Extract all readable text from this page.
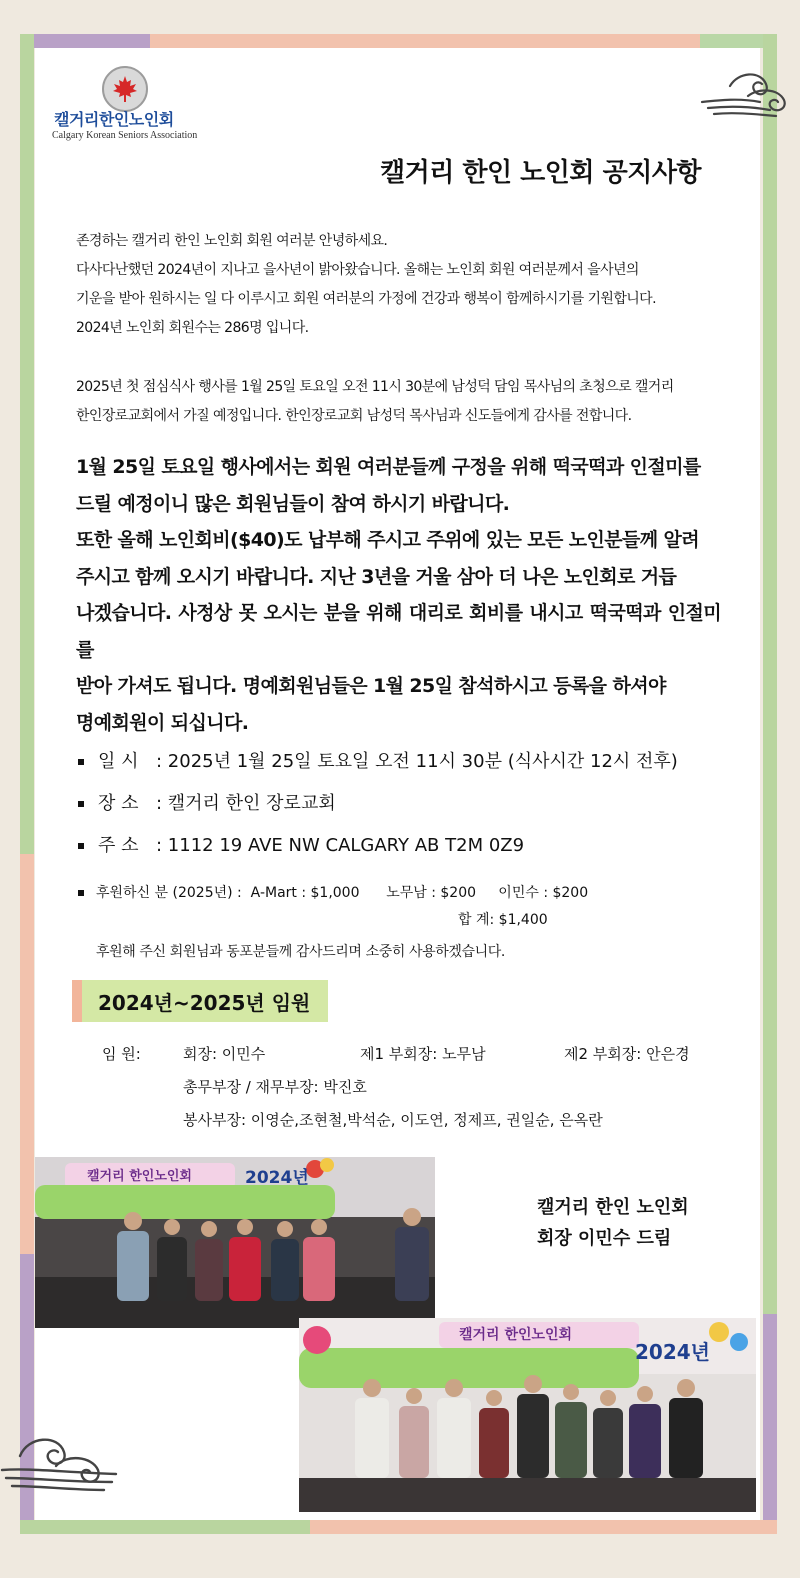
캘거리한인노인회
Calgary Korean Seniors Association
캘거리 한인 노인회 공지사항
존경하는 캘거리 한인 노인회 회원 여러분 안녕하세요.
다사다난했던 2024년이 지나고 을사년이 밝아왔습니다. 올해는 노인회 회원 여러분께서 을사년의
기운을 받아 원하시는 일 다 이루시고 회원 여러분의 가정에 건강과 행복이 함께하시기를 기원합니다.
2024년 노인회 회원수는 286명 입니다.
2025년 첫 점심식사 행사를 1월 25일 토요일 오전 11시 30분에 남성덕 담임 목사님의 초청으로 캘거리
한인장로교회에서 가질 예정입니다. 한인장로교회 남성덕 목사님과 신도들에게 감사를 전합니다.
1월 25일 토요일 행사에서는 회원 여러분들께 구정을 위해 떡국떡과 인절미를
드릴 예정이니 많은 회원님들이 참여 하시기 바랍니다.
또한 올해 노인회비($40)도 납부해 주시고 주위에 있는 모든 노인분들께 알려
주시고 함께 오시기 바랍니다. 지난 3년을 거울 삼아 더 나은 노인회로 거듭
나겠습니다. 사정상 못 오시는 분을 위해 대리로 회비를 내시고 떡국떡과 인절미를
받아 가셔도 됩니다. 명예회원님들은 1월 25일 참석하시고 등록을 하셔야
명예회원이 되십니다.
일 시 : 2025년 1월 25일 토요일 오전 11시 30분 (식사시간 12시 전후)
장 소 : 캘거리 한인 장로교회
주 소 : 1112 19 AVE NW CALGARY AB T2M 0Z9
후원하신 분 (2025년) : A-Mart : $1,000 노무남 : $200 이민수 : $200
합 계: $1,400
후원해 주신 회원님과 동포분들께 감사드리며 소중히 사용하겠습니다.
2024년~2025년 임원
임 원:	회장: 이민수	제1 부회장: 노무남	제2 부회장: 안은경
총무부장 / 재무부장: 박진호
봉사부장: 이영순,조현철,박석순, 이도연, 정제프, 권일순, 은옥란
캘거리 한인노인회	2024년
캘거리 한인 노인회
회장 이민수 드림
캘거리 한인노인회
2024년
